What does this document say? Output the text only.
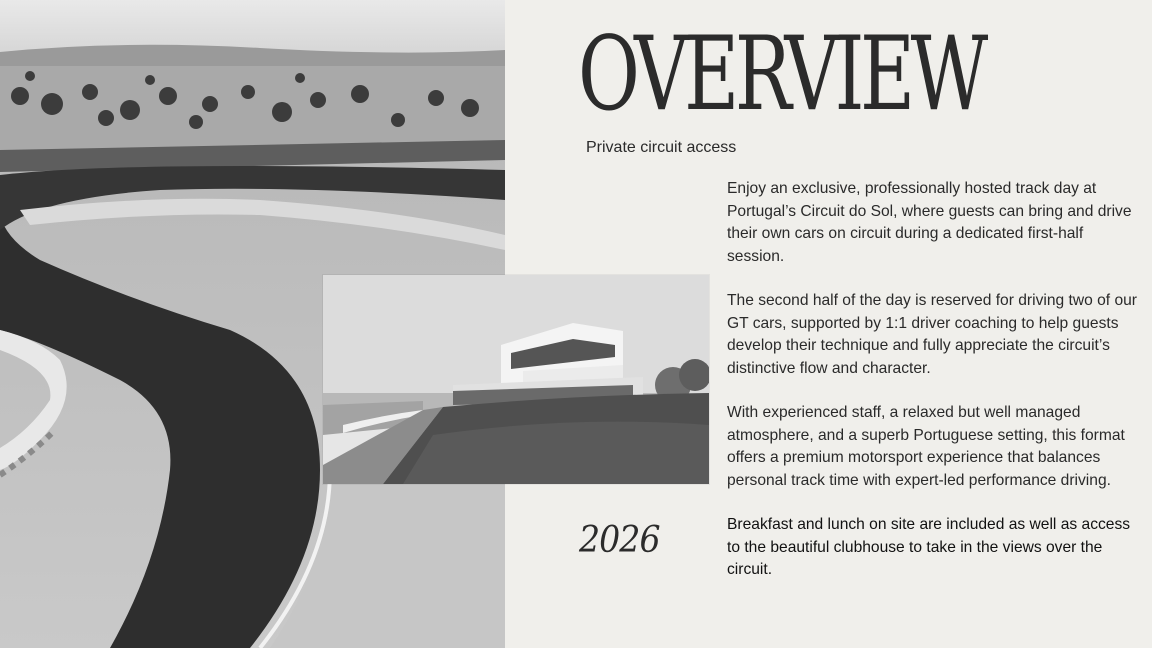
OVERVIEW
Private circuit access
2026

Enjoy an exclusive, professionally hosted track day at Portugal’s Circuit do Sol, where guests can bring and drive their own cars on circuit during a dedicated first-half session.

The second half of the day is reserved for driving two of our GT cars, supported by 1:1 driver coaching to help guests develop their technique and fully appreciate the circuit’s distinctive flow and character.

With experienced staff, a relaxed but well managed atmosphere, and a superb Portuguese setting, this format offers a premium motorsport experience that balances personal track time with expert-led performance driving.

Breakfast and lunch on site are included as well as access to the beautiful clubhouse to take in the views over the circuit.
